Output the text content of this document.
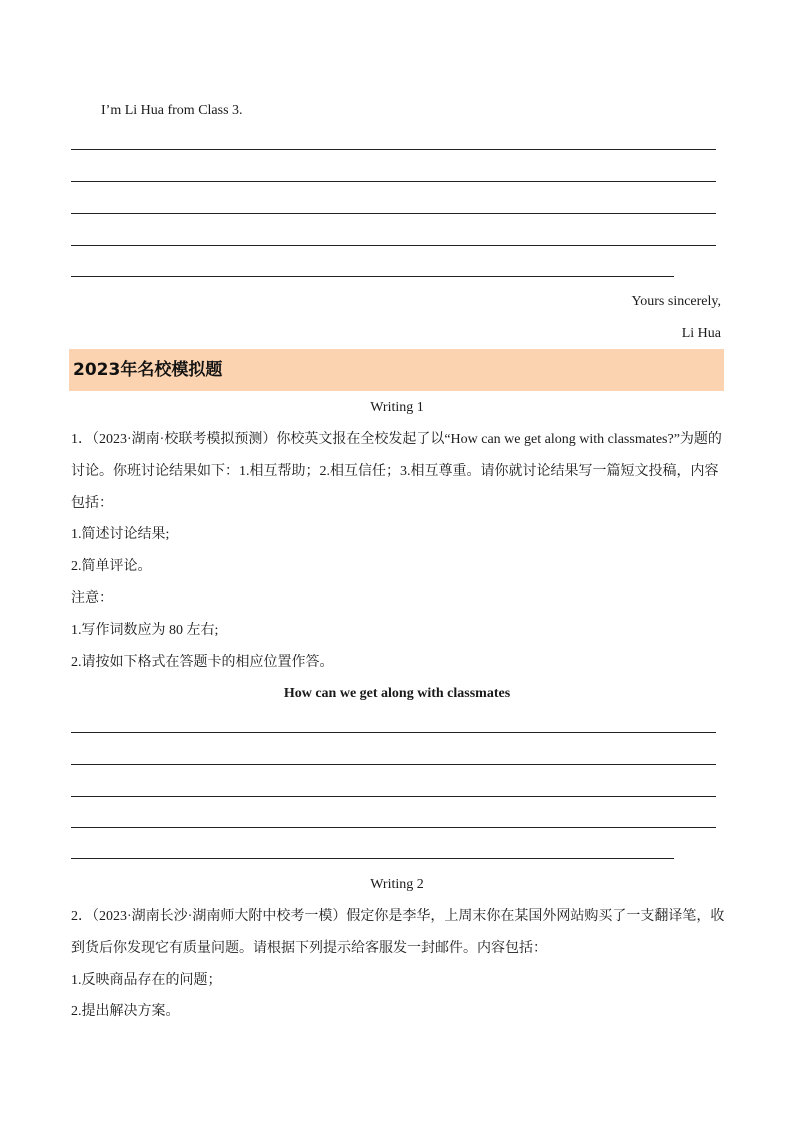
I’m Li Hua from Class 3.
Yours sincerely,
Li Hua
2023年名校模拟题
Writing 1
1．（2023·湖南·校联考模拟预测）你校英文报在全校发起了以“How can we get along with classmates?”为题的
讨论。你班讨论结果如下：1.相互帮助；2.相互信任；3.相互尊重。请你就讨论结果写一篇短文投稿，内容
包括：
1.简述讨论结果;
2.简单评论。
注意：
1.写作词数应为 80 左右;
2.请按如下格式在答题卡的相应位置作答。
How can we get along with classmates
Writing 2
2．（2023·湖南长沙·湖南师大附中校考一模）假定你是李华，上周末你在某国外网站购买了一支翻译笔，收
到货后你发现它有质量问题。请根据下列提示给客服发一封邮件。内容包括：
1.反映商品存在的问题；
2.提出解决方案。
